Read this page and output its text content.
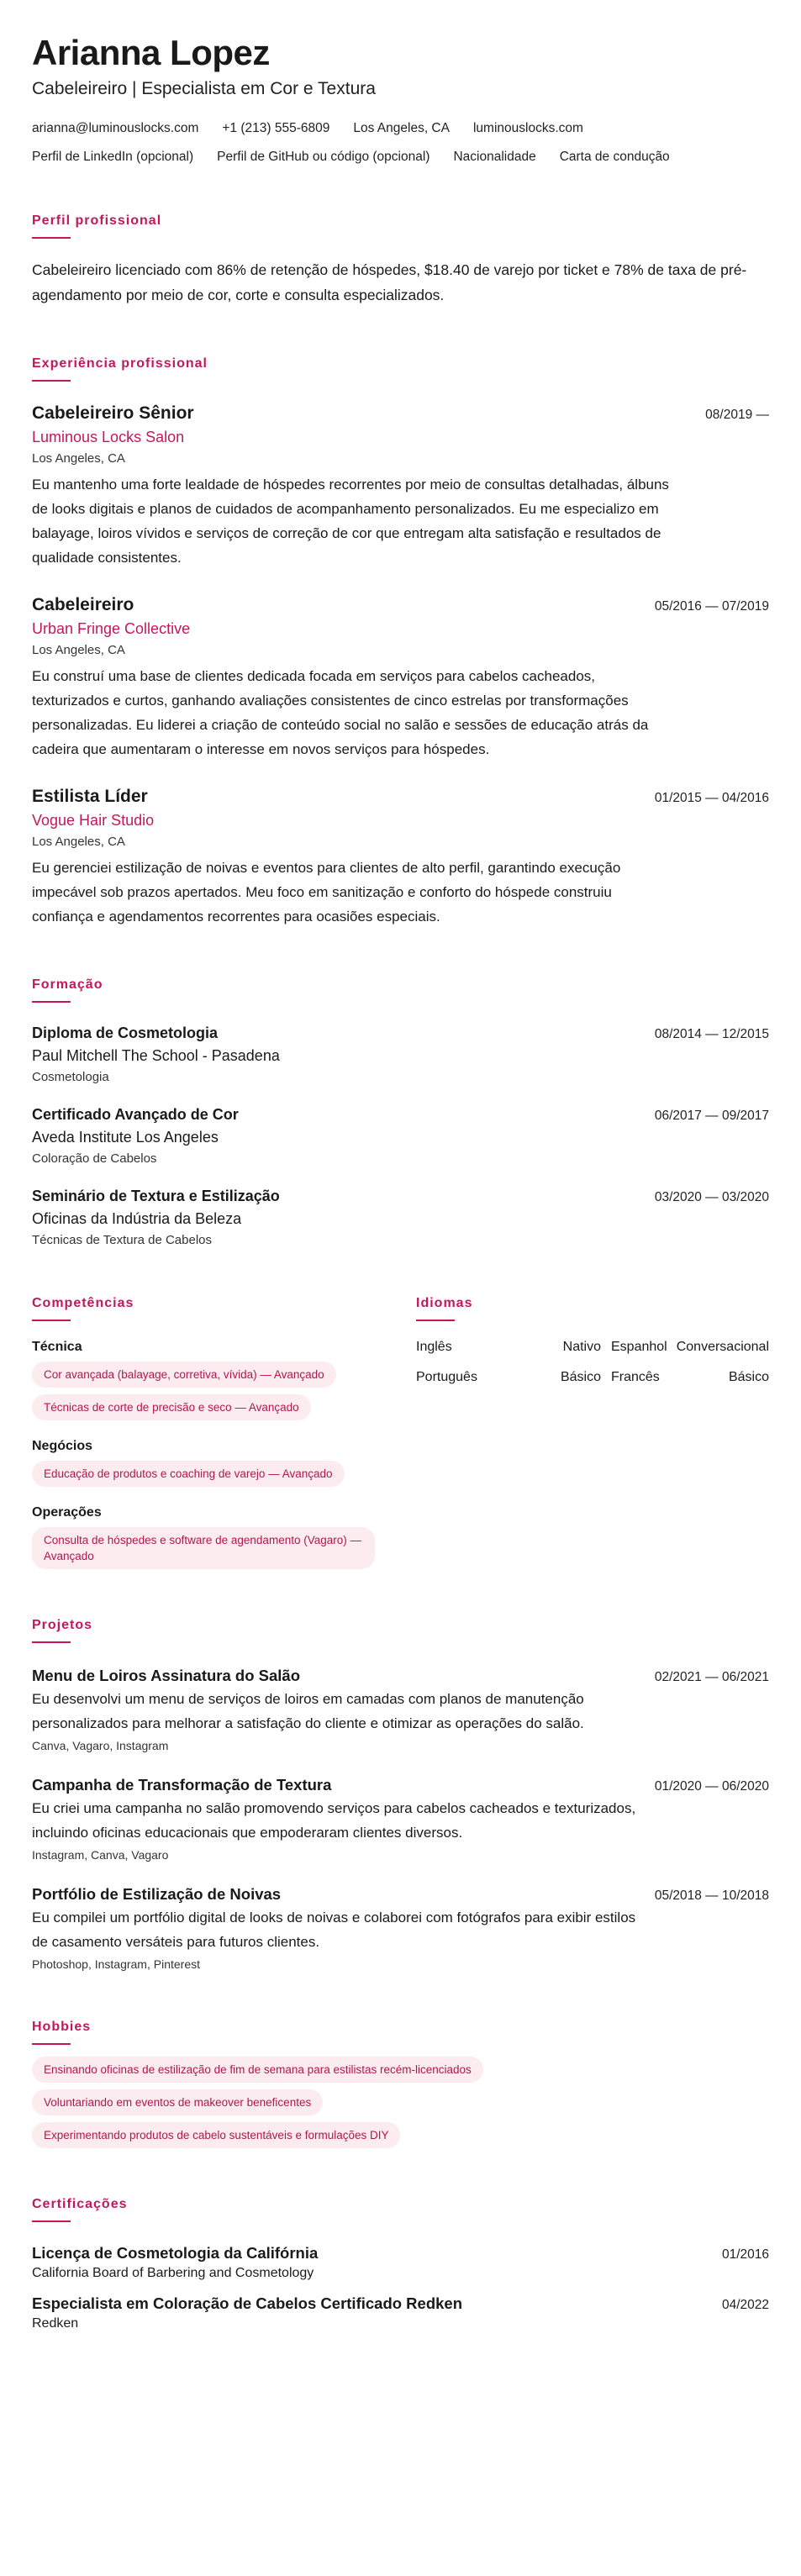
Arianna Lopez
Cabeleireiro | Especialista em Cor e Textura
arianna@luminouslocks.com +1 (213) 555-6809 Los Angeles, CA luminouslocks.com
Perfil de LinkedIn (opcional) Perfil de GitHub ou código (opcional) Nacionalidade Carta de condução
Perfil profissional
Cabeleireiro licenciado com 86% de retenção de hóspedes, $18.40 de varejo por ticket e 78% de taxa de pré-agendamento por meio de cor, corte e consulta especializados.
Experiência profissional
Cabeleireiro Sênior	08/2019 —
Luminous Locks Salon
Los Angeles, CA
Eu mantenho uma forte lealdade de hóspedes recorrentes por meio de consultas detalhadas, álbuns de looks digitais e planos de cuidados de acompanhamento personalizados. Eu me especializo em balayage, loiros vívidos e serviços de correção de cor que entregam alta satisfação e resultados de qualidade consistentes.
Cabeleireiro	05/2016 — 07/2019
Urban Fringe Collective
Los Angeles, CA
Eu construí uma base de clientes dedicada focada em serviços para cabelos cacheados, texturizados e curtos, ganhando avaliações consistentes de cinco estrelas por transformações personalizadas. Eu liderei a criação de conteúdo social no salão e sessões de educação atrás da cadeira que aumentaram o interesse em novos serviços para hóspedes.
Estilista Líder	01/2015 — 04/2016
Vogue Hair Studio
Los Angeles, CA
Eu gerenciei estilização de noivas e eventos para clientes de alto perfil, garantindo execução impecável sob prazos apertados. Meu foco em sanitização e conforto do hóspede construiu confiança e agendamentos recorrentes para ocasiões especiais.
Formação
Diploma de Cosmetologia	08/2014 — 12/2015
Paul Mitchell The School - Pasadena
Cosmetologia
Certificado Avançado de Cor	06/2017 — 09/2017
Aveda Institute Los Angeles
Coloração de Cabelos
Seminário de Textura e Estilização	03/2020 — 03/2020
Oficinas da Indústria da Beleza
Técnicas de Textura de Cabelos
Competências
Técnica
Cor avançada (balayage, corretiva, vívida) — Avançado
Técnicas de corte de precisão e seco — Avançado
Negócios
Educação de produtos e coaching de varejo — Avançado
Operações
Consulta de hóspedes e software de agendamento (Vagaro) — Avançado
Idiomas
Inglês	Nativo Espanhol Conversacional
Português	Básico Francês	Básico
Projetos
Menu de Loiros Assinatura do Salão	02/2021 — 06/2021
Eu desenvolvi um menu de serviços de loiros em camadas com planos de manutenção personalizados para melhorar a satisfação do cliente e otimizar as operações do salão.
Canva, Vagaro, Instagram
Campanha de Transformação de Textura	01/2020 — 06/2020
Eu criei uma campanha no salão promovendo serviços para cabelos cacheados e texturizados, incluindo oficinas educacionais que empoderaram clientes diversos.
Instagram, Canva, Vagaro
Portfólio de Estilização de Noivas	05/2018 — 10/2018
Eu compilei um portfólio digital de looks de noivas e colaborei com fotógrafos para exibir estilos de casamento versáteis para futuros clientes.
Photoshop, Instagram, Pinterest
Hobbies
Ensinando oficinas de estilização de fim de semana para estilistas recém-licenciados
Voluntariando em eventos de makeover beneficentes
Experimentando produtos de cabelo sustentáveis e formulações DIY
Certificações
Licença de Cosmetologia da Califórnia	01/2016
California Board of Barbering and Cosmetology
Especialista em Coloração de Cabelos Certificado Redken	04/2022
Redken
